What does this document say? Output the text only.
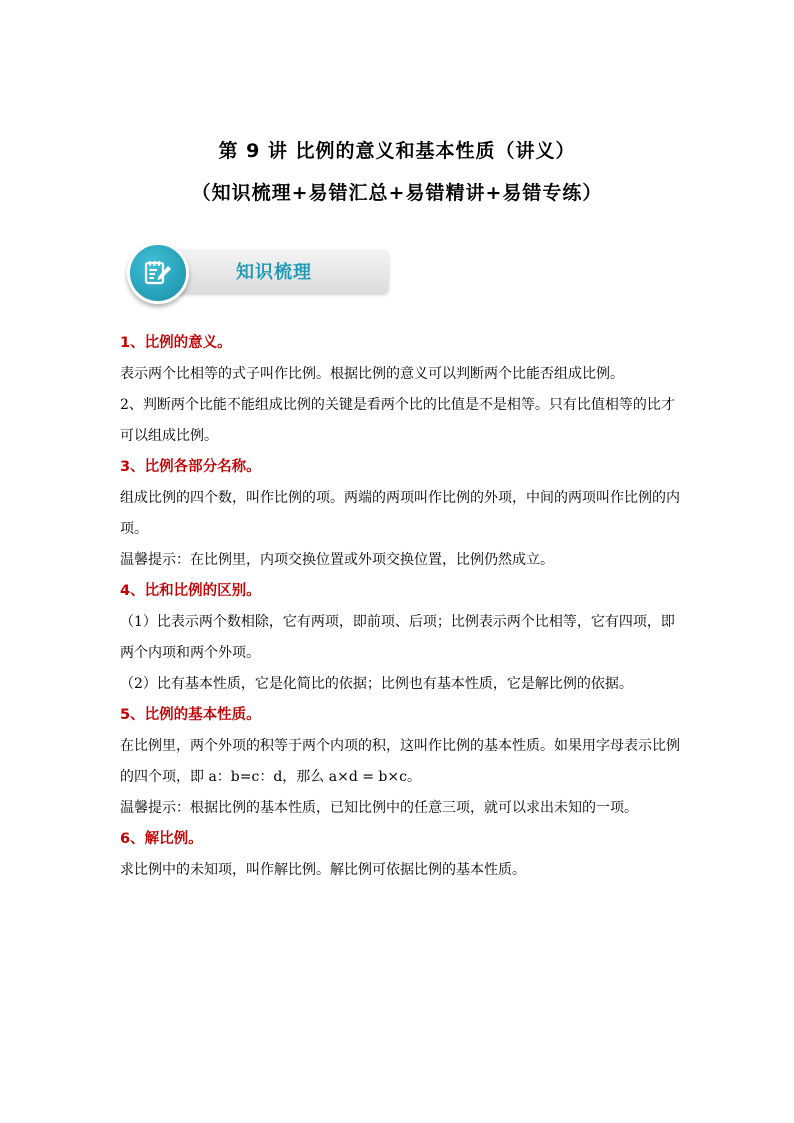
第 9 讲 比例的意义和基本性质（讲义）
（知识梳理+易错汇总+易错精讲+易错专练）
知识梳理

1、比例的意义。

表示两个比相等的式子叫作比例。根据比例的意义可以判断两个比能否组成比例。

2、判断两个比能不能组成比例的关键是看两个比的比值是不是相等。只有比值相等的比才可以组成比例。

3、比例各部分名称。

组成比例的四个数，叫作比例的项。两端的两项叫作比例的外项，中间的两项叫作比例的内项。

温馨提示：在比例里，内项交换位置或外项交换位置，比例仍然成立。

4、比和比例的区别。

（1）比表示两个数相除，它有两项，即前项、后项；比例表示两个比相等，它有四项，即两个内项和两个外项。

（2）比有基本性质，它是化简比的依据；比例也有基本性质，它是解比例的依据。

5、比例的基本性质。

在比例里，两个外项的积等于两个内项的积，这叫作比例的基本性质。如果用字母表示比例的四个项，即 a：b=c：d，那么 a×d = b×c。

温馨提示：根据比例的基本性质，已知比例中的任意三项，就可以求出未知的一项。

6、解比例。

求比例中的未知项，叫作解比例。解比例可依据比例的基本性质。
